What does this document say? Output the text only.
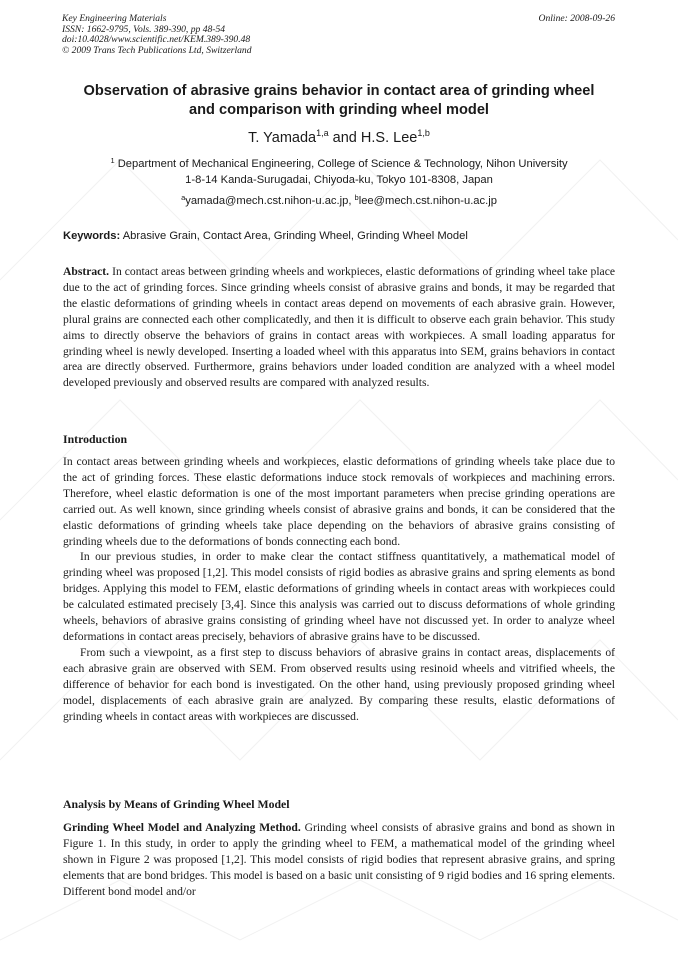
Key Engineering Materials
ISSN: 1662-9795, Vols. 389-390, pp 48-54
doi:10.4028/www.scientific.net/KEM.389-390.48
© 2009 Trans Tech Publications Ltd, Switzerland
Online: 2008-09-26
Observation of abrasive grains behavior in contact area of grinding wheel and comparison with grinding wheel model
T. Yamada$^{1,a}$ and H.S. Lee$^{1,b}$
$^1$ Department of Mechanical Engineering, College of Science & Technology, Nihon University
1-8-14 Kanda-Surugadai, Chiyoda-ku, Tokyo 101-8308, Japan
$^a$yamada@mech.cst.nihon-u.ac.jp, $^b$lee@mech.cst.nihon-u.ac.jp
Keywords: Abrasive Grain, Contact Area, Grinding Wheel, Grinding Wheel Model

Abstract. In contact areas between grinding wheels and workpieces, elastic deformations of grinding wheel take place due to the act of grinding forces. Since grinding wheels consist of abrasive grains and bonds, it may be regarded that the elastic deformations of grinding wheels in contact areas depend on movements of each abrasive grain. However, plural grains are connected each other complicatedly, and then it is difficult to observe each grain behavior. This study aims to directly observe the behaviors of grains in contact areas with workpieces. A small loading apparatus for grinding wheel is newly developed. Inserting a loaded wheel with this apparatus into SEM, grains behaviors in contact area are directly observed. Furthermore, grains behaviors under loaded condition are analyzed with a wheel model developed previously and observed results are compared with analyzed results.

Introduction

In contact areas between grinding wheels and workpieces, elastic deformations of grinding wheels take place due to the act of grinding forces. These elastic deformations induce stock removals of workpieces and machining errors. Therefore, wheel elastic deformation is one of the most important parameters when precise grinding operations are carried out. As well known, since grinding wheels consist of abrasive grains and bonds, it can be considered that the elastic deformations of grinding wheels take place depending on the behaviors of abrasive grains consisting of grinding wheels due to the deformations of bonds connecting each bond.

In our previous studies, in order to make clear the contact stiffness quantitatively, a mathematical model of grinding wheel was proposed [1,2]. This model consists of rigid bodies as abrasive grains and spring elements as bond bridges. Applying this model to FEM, elastic deformations of grinding wheels in contact areas with workpieces could be calculated estimated precisely [3,4]. Since this analysis was carried out to discuss deformations of whole grinding wheels, behaviors of abrasive grains consisting of grinding wheel have not discussed yet. In order to analyze wheel deformations in contact areas precisely, behaviors of abrasive grains have to be discussed.

From such a viewpoint, as a first step to discuss behaviors of abrasive grains in contact areas, displacements of each abrasive grain are observed with SEM. From observed results using resinoid wheels and vitrified wheels, the difference of behavior for each bond is investigated. On the other hand, using previously proposed grinding wheel model, displacements of each abrasive grain are analyzed. By comparing these results, elastic deformations of grinding wheels in contact areas with workpieces are discussed.

Analysis by Means of Grinding Wheel Model

Grinding Wheel Model and Analyzing Method. Grinding wheel consists of abrasive grains and bond as shown in Figure 1. In this study, in order to apply the grinding wheel to FEM, a mathematical model of the grinding wheel shown in Figure 2 was proposed [1,2]. This model consists of rigid bodies that represent abrasive grains, and spring elements that are bond bridges. This model is based on a basic unit consisting of 9 rigid bodies and 16 spring elements. Different bond model and/or
